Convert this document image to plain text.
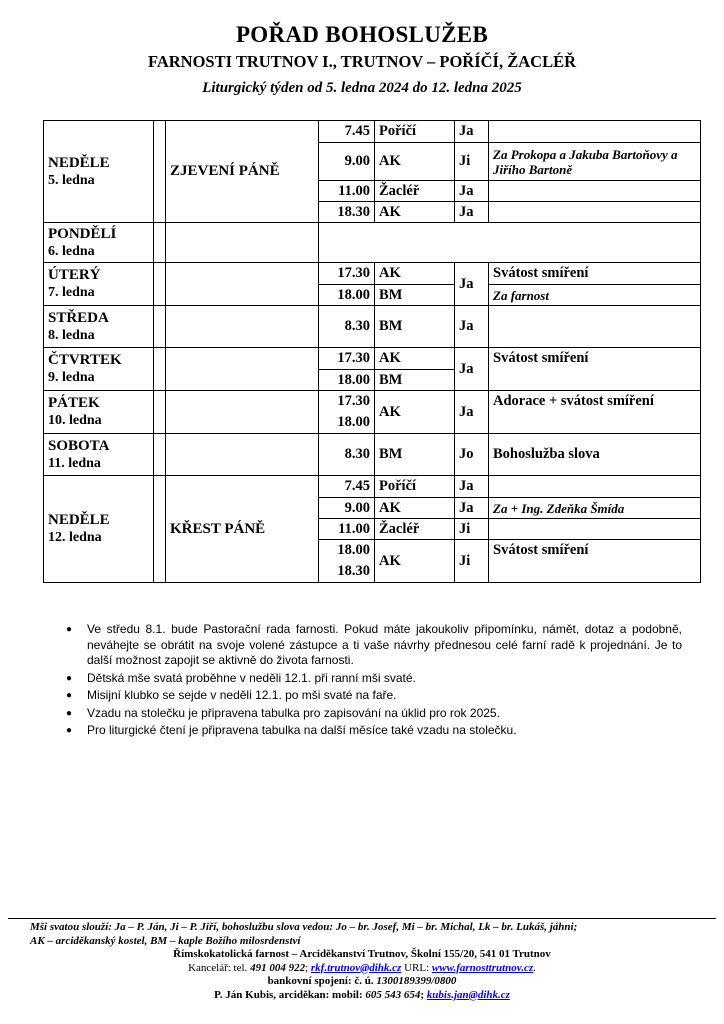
POŘAD BOHOSLUŽEB
FARNOSTI TRUTNOV I., TRUTNOV – POŘÍČÍ, ŽACLÉŘ
Liturgický týden od 5. ledna 2024 do 12. ledna 2025
NEDĚLE
5. ledna		ZJEVENÍ PÁNĚ	7.45	Poříčí	Ja	
			9.00	AK	Ji	Za Prokopa a Jakuba Bartoňovy a Jiřího Bartoně
			11.00	Žacléř	Ja	
			18.30	AK	Ja	

PONDĚLÍ
6. ledna						

ÚTERÝ
7. ledna			17.30	AK	Ja	Svátost smíření
			18.00	BM		Za farnost

STŘEDA
8. ledna			8.30	BM	Ja	

ČTVRTEK
9. ledna			17.30	AK	Ja	Svátost smíření
			18.00	BM		

PÁTEK
10. ledna			17.30	AK	Ja	Adorace + svátost smíření
			18.00			

SOBOTA
11. ledna			8.30	BM	Jo	Bohoslužba slova

NEDĚLE
12. ledna		KŘEST PÁNĚ	7.45	Poříčí	Ja	
			9.00	AK	Ja	Za + Ing. Zdeňka Šmída
			11.00	Žacléř	Ji	
			18.00	AK	Ji	Svátost smíření
			18.30			
● Ve středu 8.1. bude Pastorační rada farnosti. Pokud máte jakoukoliv připomínku, námět, dotaz a podobně, neváhejte se obrátit na svoje volené zástupce a ti vaše návrhy přednesou celé farní radě k projednání. Je to další možnost zapojit se aktivně do života farnosti.
● Dětská mše svatá proběhne v neděli 12.1. při ranní mši svaté.
● Misijní klubko se sejde v neděli 12.1. po mši svaté na faře.
● Vzadu na stolečku je připravena tabulka pro zapisování na úklid pro rok 2025.
● Pro liturgické čtení je připravena tabulka na další měsíce také vzadu na stolečku.
Mši svatou slouží: Ja – P. Ján, Ji – P. Jiří, bohoslužbu slova vedou: Jo – br. Josef, Mi – br. Michal, Lk – br. Lukáš, jáhni;
AK – arciděkanský kostel, BM – kaple Božího milosrdenství
Římskokatolická farnost – Arciděkanství Trutnov, Školní 155/20, 541 01 Trutnov
Kancelář: tel. 491 004 922; rkf.trutnov@dihk.cz URL: www.farnosttrutnov.cz.
bankovní spojení: č. ú. 1300189399/0800
P. Ján Kubis, arciděkan: mobil: 605 543 654; kubis.jan@dihk.cz
